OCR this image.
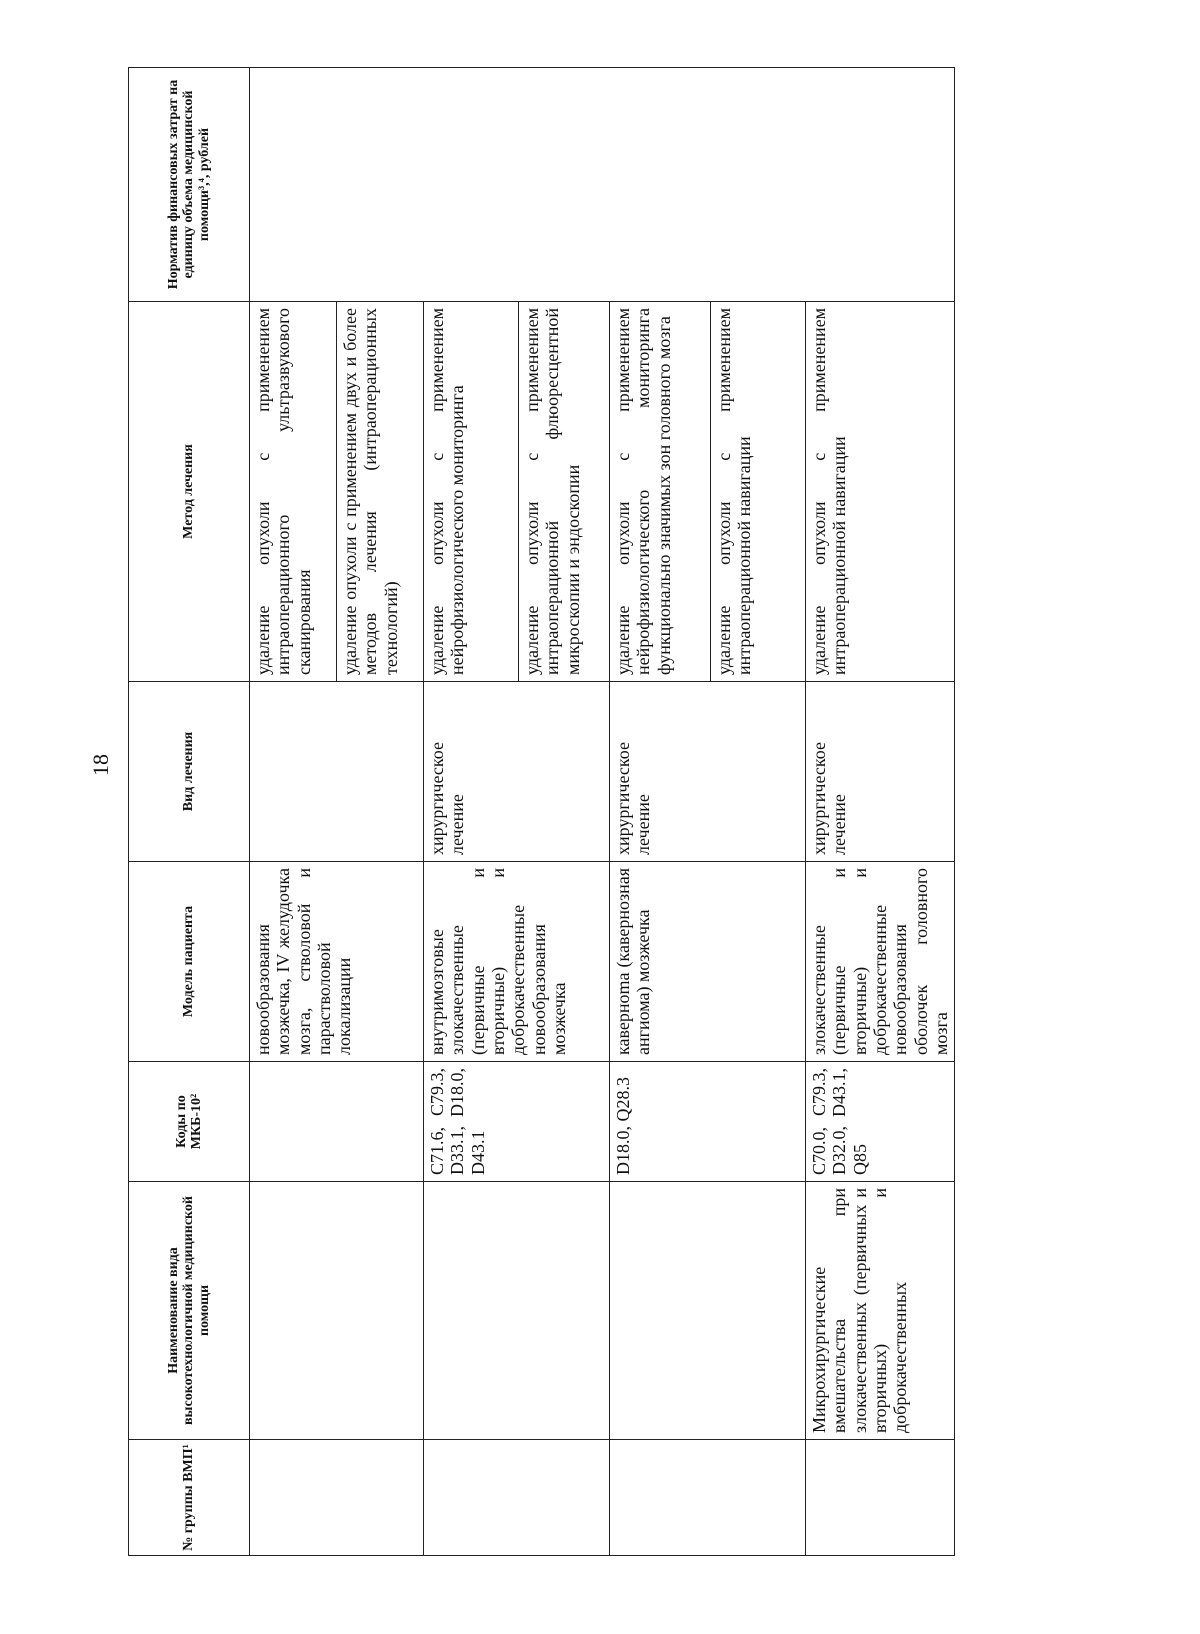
18
№ группы ВМП¹	Наименование вида высокотехнологичной медицинской помощи	Коды по МКБ-10²	Модель пациента	Вид лечения	Метод лечения	Норматив финансовых затрат на единицу объема медицинской помощи³,⁴, рублей
			новообразования мозжечка, IV желудочка мозга, стволовой и парастволовой локализации		удаление опухоли с применением интраоперационного ультразвукового сканирования	
					удаление опухоли с применением двух и более методов лечения (интраоперационных технологий)	
		C71.6, C79.3, D33.1, D18.0, D43.1	внутримозговые злокачественные (первичные и вторичные) и доброкачественные новообразования мозжечка	хирургическое лечение	удаление опухоли с применением нейрофизиологического мониторинга	
					удаление опухоли с применением интраоперационной флюоресцентной микроскопии и эндоскопии	
		D18.0, Q28.3	каверноma (кавернозная ангиома) мозжечка	хирургическое лечение	удаление опухоли с применением нейрофизиологического мониторинга функционально значимых зон головного мозга	
					удаление опухоли с применением интраоперационной навигации	
	Микрохирургические вмешательства при злокачественных (первичных и вторичных) и доброкачественных	C70.0, C79.3, D32.0, D43.1, Q85	злокачественные (первичные и вторичные) и доброкачественные новообразования оболочек головного мозга	хирургическое лечение	удаление опухоли с применением интраоперационной навигации	
